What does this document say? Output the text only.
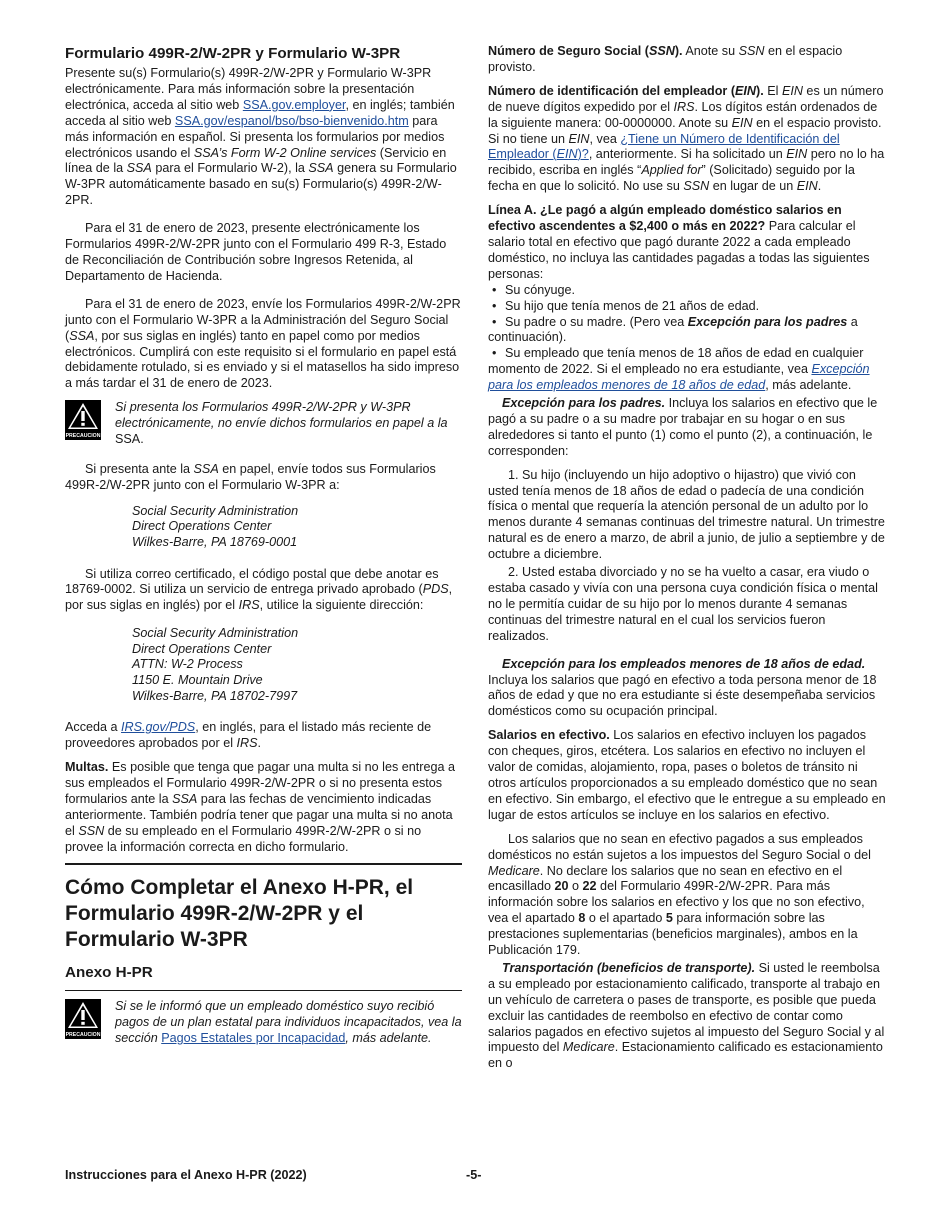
Formulario 499R-2/W-2PR y Formulario W-3PR

Presente su(s) Formulario(s) 499R-2/W-2PR y Formulario W-3PR electrónicamente. Para más información sobre la presentación electrónica, acceda al sitio web SSA.gov.employer, en inglés; también acceda al sitio web SSA.gov/espanol/bso/bso-bienvenido.htm para más información en español. Si presenta los formularios por medios electrónicos usando el SSA’s Form W-2 Online services (Servicio en línea de la SSA para el Formulario W-2), la SSA genera su Formulario W-3PR automáticamente basado en su(s) Formulario(s) 499R-2/W-2PR.

Para el 31 de enero de 2023, presente electrónicamente los Formularios 499R-2/W-2PR junto con el Formulario 499 R-3, Estado de Reconciliación de Contribución sobre Ingresos Retenida, al Departamento de Hacienda.

Para el 31 de enero de 2023, envíe los Formularios 499R-2/W-2PR junto con el Formulario W-3PR a la Administración del Seguro Social (SSA, por sus siglas en inglés) tanto en papel como por medios electrónicos. Cumplirá con este requisito si el formulario en papel está debidamente rotulado, si es enviado y si el matasellos ha sido impreso a más tardar el 31 de enero de 2023.

PRECAUCION
Si presenta los Formularios 499R-2/W-2PR y W-3PR electrónicamente, no envíe dichos formularios en papel a la SSA.

Si presenta ante la SSA en papel, envíe todos sus Formularios 499R-2/W-2PR junto con el Formulario W-3PR a:

Social Security Administration
Direct Operations Center
Wilkes-Barre, PA 18769-0001

Si utiliza correo certificado, el código postal que debe anotar es 18769-0002. Si utiliza un servicio de entrega privado aprobado (PDS, por sus siglas en inglés) por el IRS, utilice la siguiente dirección:

Social Security Administration
Direct Operations Center
ATTN: W-2 Process
1150 E. Mountain Drive
Wilkes-Barre, PA 18702-7997

Acceda a IRS.gov/PDS, en inglés, para el listado más reciente de proveedores aprobados por el IRS.

Multas. Es posible que tenga que pagar una multa si no les entrega a sus empleados el Formulario 499R-2/W-2PR o si no presenta estos formularios ante la SSA para las fechas de vencimiento indicadas anteriormente. También podría tener que pagar una multa si no anota el SSN de su empleado en el Formulario 499R-2/W-2PR o si no provee la información correcta en dicho formulario.

Cómo Completar el Anexo H-PR, el Formulario 499R-2/W-2PR y el Formulario W-3PR
Anexo H-PR
PRECAUCION
Si se le informó que un empleado doméstico suyo recibió pagos de un plan estatal para individuos incapacitados, vea la sección Pagos Estatales por Incapacidad, más adelante.

Número de Seguro Social (SSN). Anote su SSN en el espacio provisto.

Número de identificación del empleador (EIN). El EIN es un número de nueve dígitos expedido por el IRS. Los dígitos están ordenados de la siguiente manera: 00-0000000. Anote su EIN en el espacio provisto. Si no tiene un EIN, vea ¿Tiene un Número de Identificación del Empleador (EIN)?, anteriormente. Si ha solicitado un EIN pero no lo ha recibido, escriba en inglés “Applied for” (Solicitado) seguido por la fecha en que lo solicitó. No use su SSN en lugar de un EIN.

Línea A. ¿Le pagó a algún empleado doméstico salarios en efectivo ascendentes a $2,400 o más en 2022? Para calcular el salario total en efectivo que pagó durante 2022 a cada empleado doméstico, no incluya las cantidades pagadas a todas las siguientes personas:
• Su cónyuge.
• Su hijo que tenía menos de 21 años de edad.
• Su padre o su madre. (Pero vea Excepción para los padres a continuación).
• Su empleado que tenía menos de 18 años de edad en cualquier momento de 2022. Si el empleado no era estudiante, vea Excepción para los empleados menores de 18 años de edad, más adelante.

Excepción para los padres. Incluya los salarios en efectivo que le pagó a su padre o a su madre por trabajar en su hogar o en sus alrededores si tanto el punto (1) como el punto (2), a continuación, le corresponden:

1. Su hijo (incluyendo un hijo adoptivo o hijastro) que vivió con usted tenía menos de 18 años de edad o padecía de una condición física o mental que requería la atención personal de un adulto por lo menos durante 4 semanas continuas del trimestre natural. Un trimestre natural es de enero a marzo, de abril a junio, de julio a septiembre y de octubre a diciembre.

2. Usted estaba divorciado y no se ha vuelto a casar, era viudo o estaba casado y vivía con una persona cuya condición física o mental no le permitía cuidar de su hijo por lo menos durante 4 semanas continuas del trimestre natural en el cual los servicios fueron realizados.

Excepción para los empleados menores de 18 años de edad. Incluya los salarios que pagó en efectivo a toda persona menor de 18 años de edad y que no era estudiante si éste desempeñaba servicios domésticos como su ocupación principal.

Salarios en efectivo. Los salarios en efectivo incluyen los pagados con cheques, giros, etcétera. Los salarios en efectivo no incluyen el valor de comidas, alojamiento, ropa, pases o boletos de tránsito ni otros artículos proporcionados a su empleado doméstico que no sean en efectivo. Sin embargo, el efectivo que le entregue a su empleado en lugar de estos artículos se incluye en los salarios en efectivo.

Los salarios que no sean en efectivo pagados a sus empleados domésticos no están sujetos a los impuestos del Seguro Social o del Medicare. No declare los salarios que no sean en efectivo en el encasillado 20 o 22 del Formulario 499R-2/W-2PR. Para más información sobre los salarios en efectivo y los que no son efectivo, vea el apartado 8 o el apartado 5 para información sobre las prestaciones suplementarias (beneficios marginales), ambos en la Publicación 179.

Transportación (beneficios de transporte). Si usted le reembolsa a su empleado por estacionamiento calificado, transporte al trabajo en un vehículo de carretera o pases de transporte, es posible que pueda excluir las cantidades de reembolso en efectivo de contar como salarios pagados en efectivo sujetos al impuesto del Seguro Social y al impuesto del Medicare. Estacionamiento calificado es estacionamiento en o

Instrucciones para el Anexo H-PR (2022)	-5-
